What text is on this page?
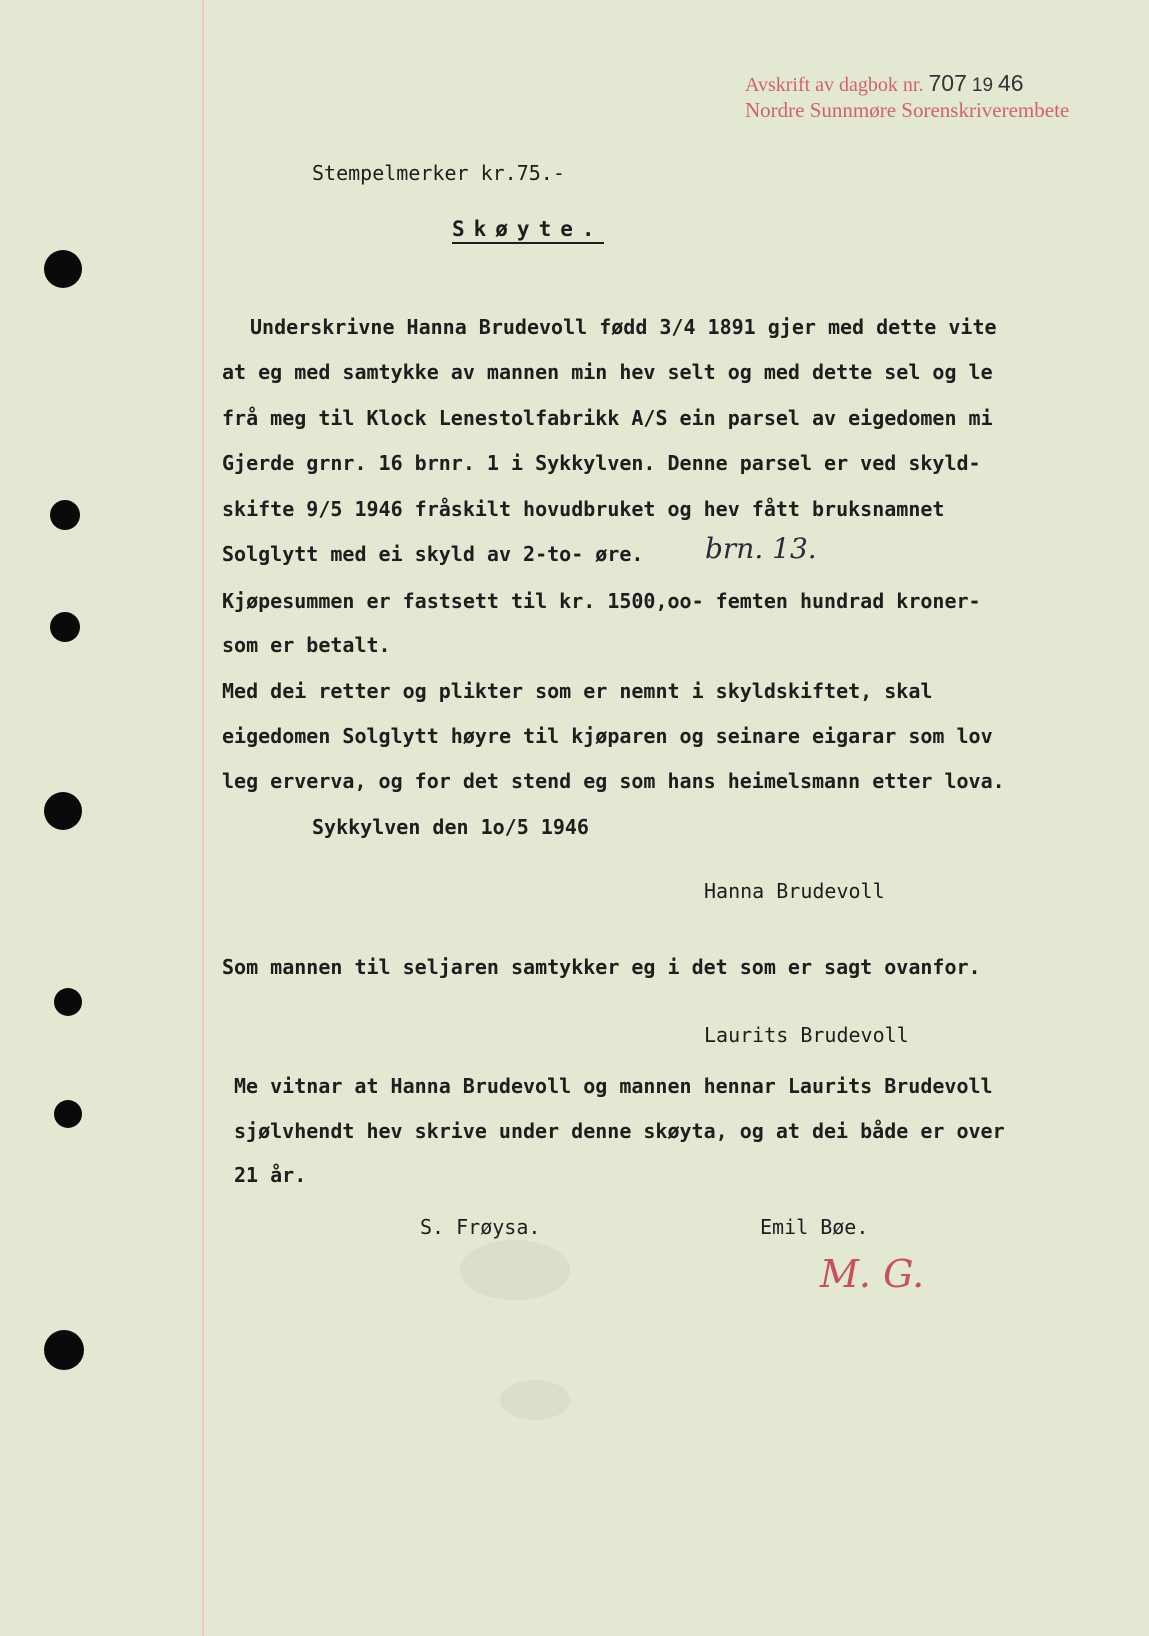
Avskrift av dagbok nr. 707 19 46
Nordre Sunnmøre Sorenskriverembete
Stempelmerker kr.75.-
Skøyte.
Underskrivne Hanna Brudevoll fødd 3/4 1891 gjer med dette vite
at eg med samtykke av mannen min hev selt og med dette sel og le
frå meg til Klock Lenestolfabrikk A/S ein parsel av eigedomen mi
Gjerde grnr. 16 brnr. 1 i Sykkylven. Denne parsel er ved skyld-
skifte 9/5 1946 fråskilt hovudbruket og hev fått bruksnamnet
Solglytt med ei skyld av 2-to- øre. brn. 13.
Kjøpesummen er fastsett til kr. 1500,oo- femten hundrad kroner-
som er betalt.
Med dei retter og plikter som er nemnt i skyldskiftet, skal
eigedomen Solglytt høyre til kjøparen og seinare eigarar som lov
leg erverva, og for det stend eg som hans heimelsmann etter lova.
Sykkylven den 1o/5 1946
Hanna Brudevoll
Som mannen til seljaren samtykker eg i det som er sagt ovanfor.
Laurits Brudevoll
Me vitnar at Hanna Brudevoll og mannen hennar Laurits Brudevoll
sjølvhendt hev skrive under denne skøyta, og at dei både er over
21 år.
S. Frøysa.	Emil Bøe.
M. G.
